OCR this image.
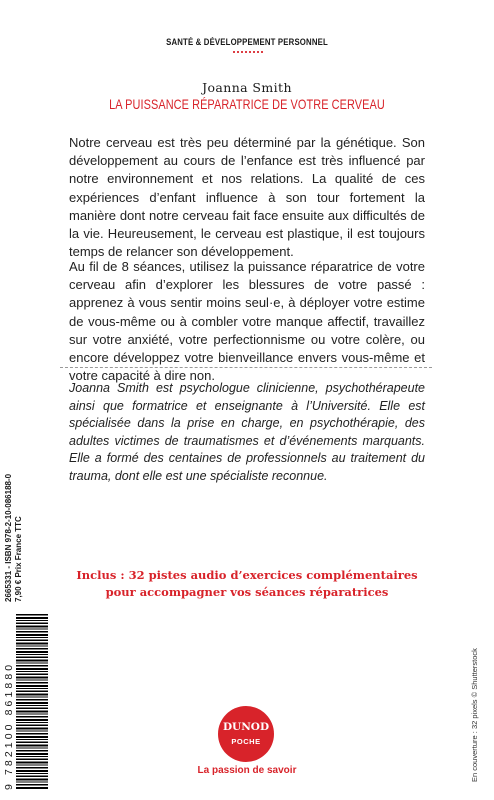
SANTÉ & DÉVELOPPEMENT PERSONNEL
Joanna Smith
LA PUISSANCE RÉPARATRICE DE VOTRE CERVEAU

Notre cerveau est très peu déterminé par la génétique. Son développement au cours de l’enfance est très influencé par notre environnement et nos relations. La qualité de ces expériences d’enfant influence à son tour fortement la manière dont notre cerveau fait face ensuite aux difficultés de la vie. Heureusement, le cerveau est plastique, il est toujours temps de relancer son développement.

Au fil de 8 séances, utilisez la puissance réparatrice de votre cerveau afin d’explorer les blessures de votre passé : apprenez à vous sentir moins seul·e, à déployer votre estime de vous-même ou à combler votre manque affectif, travaillez sur votre anxiété, votre perfectionnisme ou votre colère, ou encore développez votre bienveillance envers vous-même et votre capacité à dire non.

Joanna Smith est psychologue clinicienne, psychothérapeute ainsi que formatrice et enseignante à l’Université. Elle est spécialisée dans la prise en charge, en psychothérapie, des adultes victimes de traumatismes et d’événements marquants. Elle a formé des centaines de professionnels au traitement du trauma, dont elle est une spécialiste reconnue.

Inclus : 32 pistes audio d’exercices complémentaires
pour accompagner vos séances réparatrices
2665331 - ISBN 978-2-10-086188-0 7,90 € Prix France TTC
9 782100 861880	En couverture : 32 pixels © Shutterstock
DUNOD
POCHE
La passion de savoir
